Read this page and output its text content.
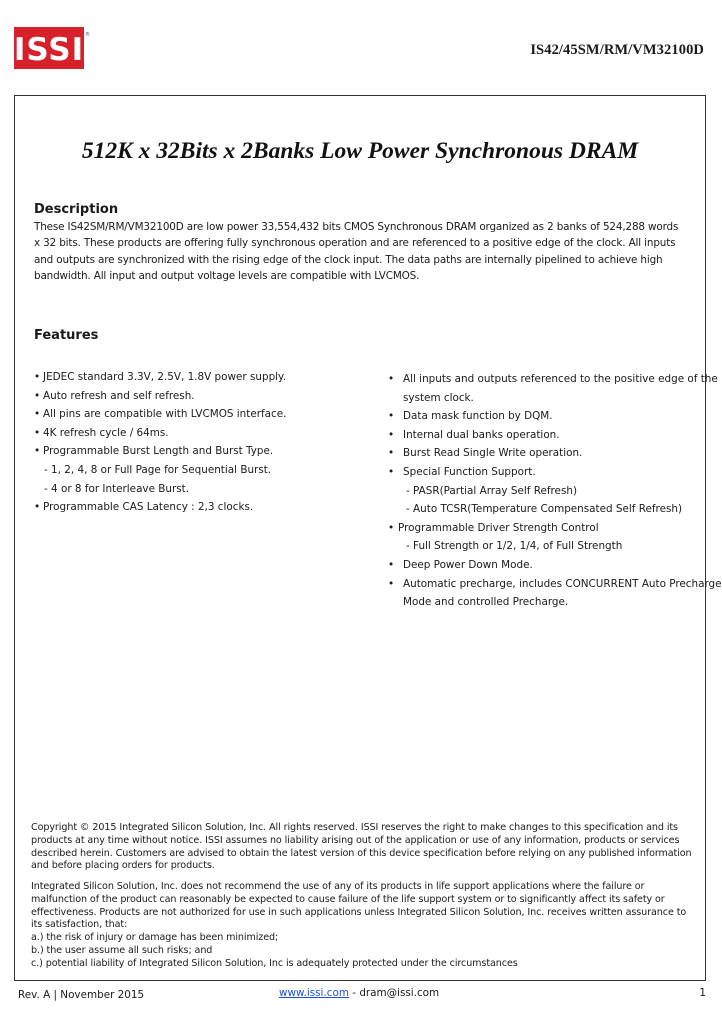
ISSI ®
IS42/45SM/RM/VM32100D
512K x 32Bits x 2Banks Low Power Synchronous DRAM
Description
These IS42SM/RM/VM32100D are low power 33,554,432 bits CMOS Synchronous DRAM organized as 2 banks of 524,288 words x 32 bits. These products are offering fully synchronous operation and are referenced to a positive edge of the clock. All inputs and outputs are synchronized with the rising edge of the clock input. The data paths are internally pipelined to achieve high bandwidth. All input and output voltage levels are compatible with LVCMOS.
Features
• JEDEC standard 3.3V, 2.5V, 1.8V power supply.
• Auto refresh and self refresh.
• All pins are compatible with LVCMOS interface.
• 4K refresh cycle / 64ms.
• Programmable Burst Length and Burst Type.
- 1, 2, 4, 8 or Full Page for Sequential Burst.
- 4 or 8 for Interleave Burst.
• Programmable CAS Latency : 2,3 clocks.
• All inputs and outputs referenced to the positive edge of the
system clock.
• Data mask function by DQM.
• Internal dual banks operation.
• Burst Read Single Write operation.
• Special Function Support.
- PASR(Partial Array Self Refresh)
- Auto TCSR(Temperature Compensated Self Refresh)
• Programmable Driver Strength Control
- Full Strength or 1/2, 1/4, of Full Strength
• Deep Power Down Mode.
• Automatic precharge, includes CONCURRENT Auto Precharge
Mode and controlled Precharge.
Copyright © 2015 Integrated Silicon Solution, Inc. All rights reserved. ISSI reserves the right to make changes to this specification and its products at any time without notice. ISSI assumes no liability arising out of the application or use of any information, products or services described herein. Customers are advised to obtain the latest version of this device specification before relying on any published information and before placing orders for products.

Integrated Silicon Solution, Inc. does not recommend the use of any of its products in life support applications where the failure or malfunction of the product can reasonably be expected to cause failure of the life support system or to significantly affect its safety or effectiveness. Products are not authorized for use in such applications unless Integrated Silicon Solution, Inc. receives written assurance to its satisfaction, that:

a.) the risk of injury or damage has been minimized;

b.) the user assume all such risks; and

c.) potential liability of Integrated Silicon Solution, Inc is adequately protected under the circumstances

Rev. A | November 2015	www.issi.com - dram@issi.com	1
